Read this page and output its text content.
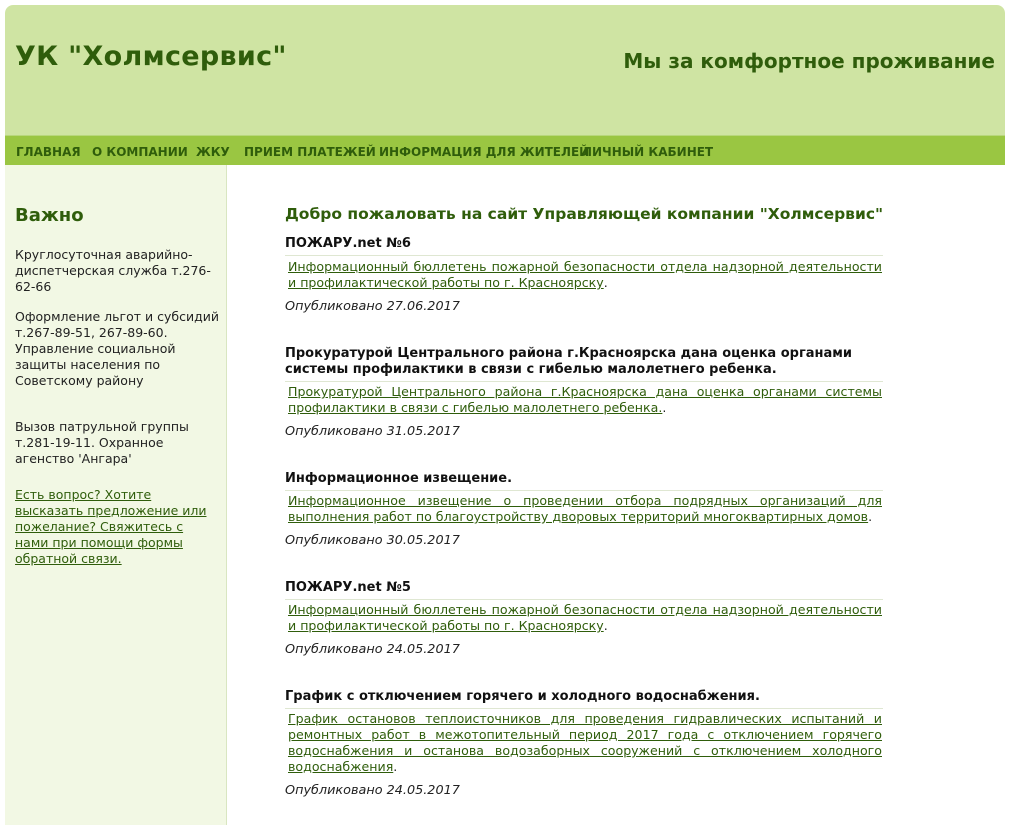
УК "Холмсервис"	Мы за комфортное проживание
ГЛАВНАЯ О КОМПАНИИ ЖКУ ПРИЕМ ПЛАТЕЖЕЙ ИНФОРМАЦИЯ ДЛЯ ЖИТЕЛЕЙ
ЛИЧНЫЙ КАБИНЕТ
Важно
Круглосуточная аварийно-диспетчерская служба т.276-62-66
Оформление льгот и субсидий т.267-89-51, 267-89-60. Управление социальной защиты населения по Советскому району
Вызов патрульной группы т.281-19-11. Охранное агенство 'Ангара'
Есть вопрос? Хотите высказать предложение или пожелание? Свяжитесь с нами при помощи формы обратной связи.
Добро пожаловать на сайт Управляющей компании "Холмсервис"
ПОЖАРУ.net №6
Информационный бюллетень пожарной безопасности отдела надзорной деятельности и профилактической работы по г. Красноярску.
Опубликовано 27.06.2017
Прокуратурой Центрального района г.Красноярска дана оценка органами системы профилактики в связи с гибелью малолетнего ребенка.
Прокуратурой Центрального района г.Красноярска дана оценка органами системы профилактики в связи с гибелью малолетнего ребенка..
Опубликовано 31.05.2017
Информационное извещение.
Информационное извещение о проведении отбора подрядных организаций для выполнения работ по благоустройству дворовых территорий многоквартирных домов.
Опубликовано 30.05.2017
ПОЖАРУ.net №5
Информационный бюллетень пожарной безопасности отдела надзорной деятельности и профилактической работы по г. Красноярску.
Опубликовано 24.05.2017
График с отключением горячего и холодного водоснабжения.
График остановов теплоисточников для проведения гидравлических испытаний и ремонтных работ в межотопительный период 2017 года с отключением горячего водоснабжения и останова водозаборных сооружений с отключением холодного водоснабжения.
Опубликовано 24.05.2017
